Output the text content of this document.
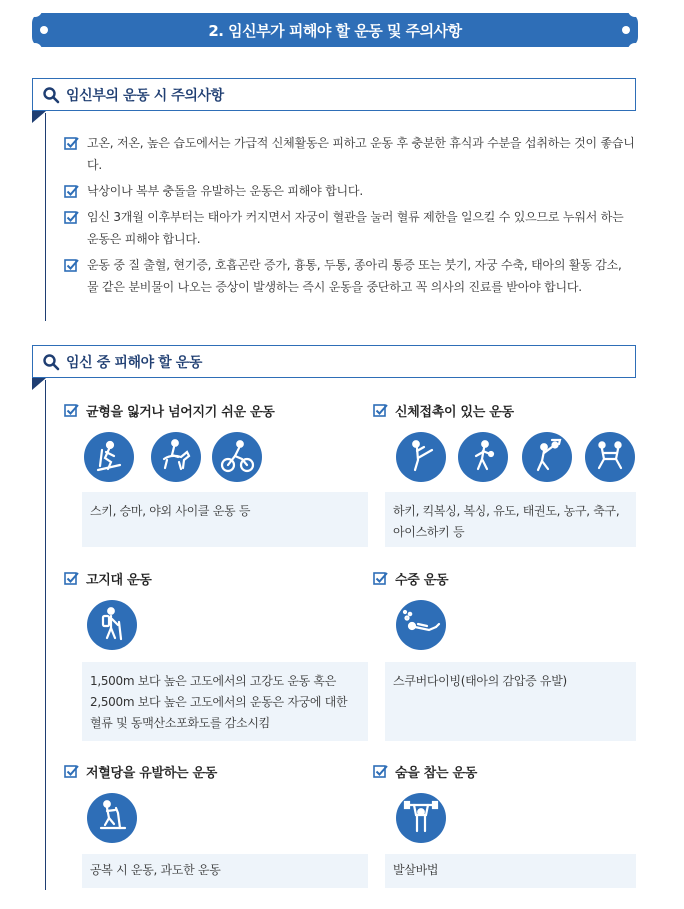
2. 임신부가 피해야 할 운동 및 주의사항
임신부의 운동 시 주의사항
고온, 저온, 높은 습도에서는 가급적 신체활동은 피하고 운동 후 충분한 휴식과 수분을 섭취하는 것이 좋습니다.
낙상이나 복부 충돌을 유발하는 운동은 피해야 합니다.
임신 3개월 이후부터는 태아가 커지면서 자궁이 혈관을 눌러 혈류 제한을 일으킬 수 있으므로 누워서 하는 운동은 피해야 합니다.
운동 중 질 출혈, 현기증, 호흡곤란 증가, 흉통, 두통, 종아리 통증 또는 붓기, 자궁 수축, 태아의 활동 감소, 물 같은 분비물이 나오는 증상이 발생하는 즉시 운동을 중단하고 꼭 의사의 진료를 받아야 합니다.
임신 중 피해야 할 운동
균형을 잃거나 넘어지기 쉬운 운동
스키, 승마, 야외 사이클 운동 등
신체접촉이 있는 운동
하키, 킥복싱, 복싱, 유도, 태권도, 농구, 축구, 아이스하키 등
고지대 운동
1,500m 보다 높은 고도에서의 고강도 운동 혹은 2,500m 보다 높은 고도에서의 운동은 자궁에 대한 혈류 및 동맥산소포화도를 감소시킴
수중 운동
스쿠버다이빙(태아의 감압증 유발)
저혈당을 유발하는 운동
공복 시 운동, 과도한 운동
숨을 참는 운동
발살바법
